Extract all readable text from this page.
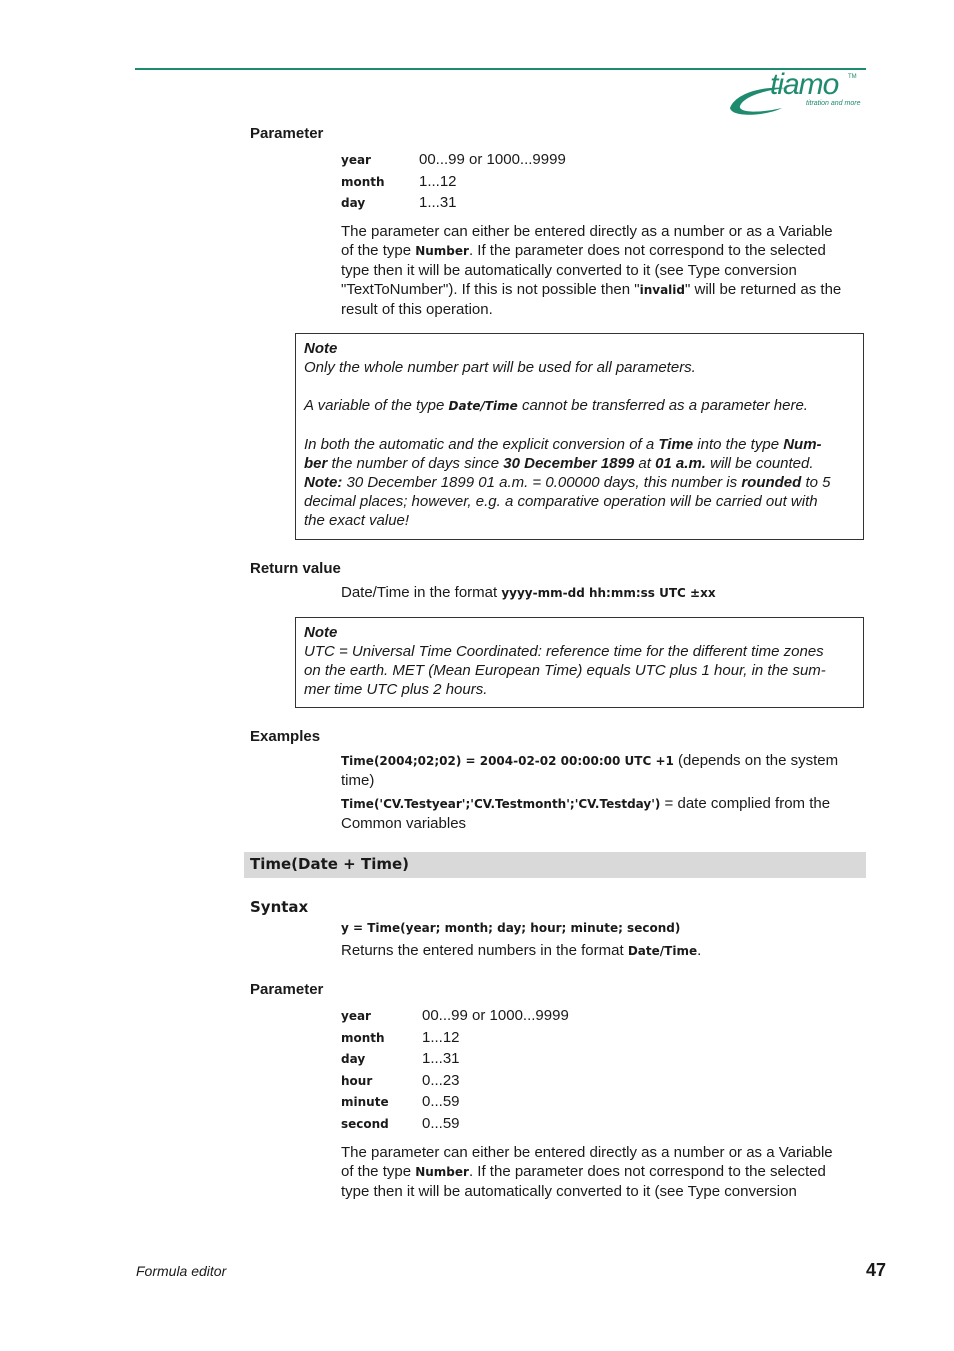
tiamo TM
titration and more
Parameter
year	00...99 or 1000...9999
month 1...12
day	1...31
The parameter can either be entered directly as a number or as a Variable
of the type Number. If the parameter does not correspond to the selected
type then it will be automatically converted to it (see Type conversion
"TextToNumber"). If this is not possible then "invalid" will be returned as the
result of this operation.
Note
Only the whole number part will be used for all parameters.
A variable of the type Date/Time cannot be transferred as a parameter here.
In both the automatic and the explicit conversion of a Time into the type Num-
ber the number of days since 30 December 1899 at 01 a.m. will be counted.
Note: 30 December 1899 01 a.m. = 0.00000 days, this number is rounded to 5
decimal places; however, e.g. a comparative operation will be carried out with
the exact value!
Return value
Date/Time in the format yyyy-mm-dd hh:mm:ss UTC ±xx
Note
UTC = Universal Time Coordinated: reference time for the different time zones
on the earth. MET (Mean European Time) equals UTC plus 1 hour, in the sum-
mer time UTC plus 2 hours.
Examples
Time(2004;02;02) = 2004-02-02 00:00:00 UTC +1 (depends on the system
time)
Time('CV.Testyear';'CV.Testmonth';'CV.Testday') = date complied from the
Common variables
Time(Date + Time)
Syntax
y = Time(year; month; day; hour; minute; second)
Returns the entered numbers in the format Date/Time.
Parameter
year	00...99 or 1000...9999
month 1...12
day	1...31
hour	0...23
minute 0...59
second 0...59
The parameter can either be entered directly as a number or as a Variable
of the type Number. If the parameter does not correspond to the selected
type then it will be automatically converted to it (see Type conversion
Formula editor	47
